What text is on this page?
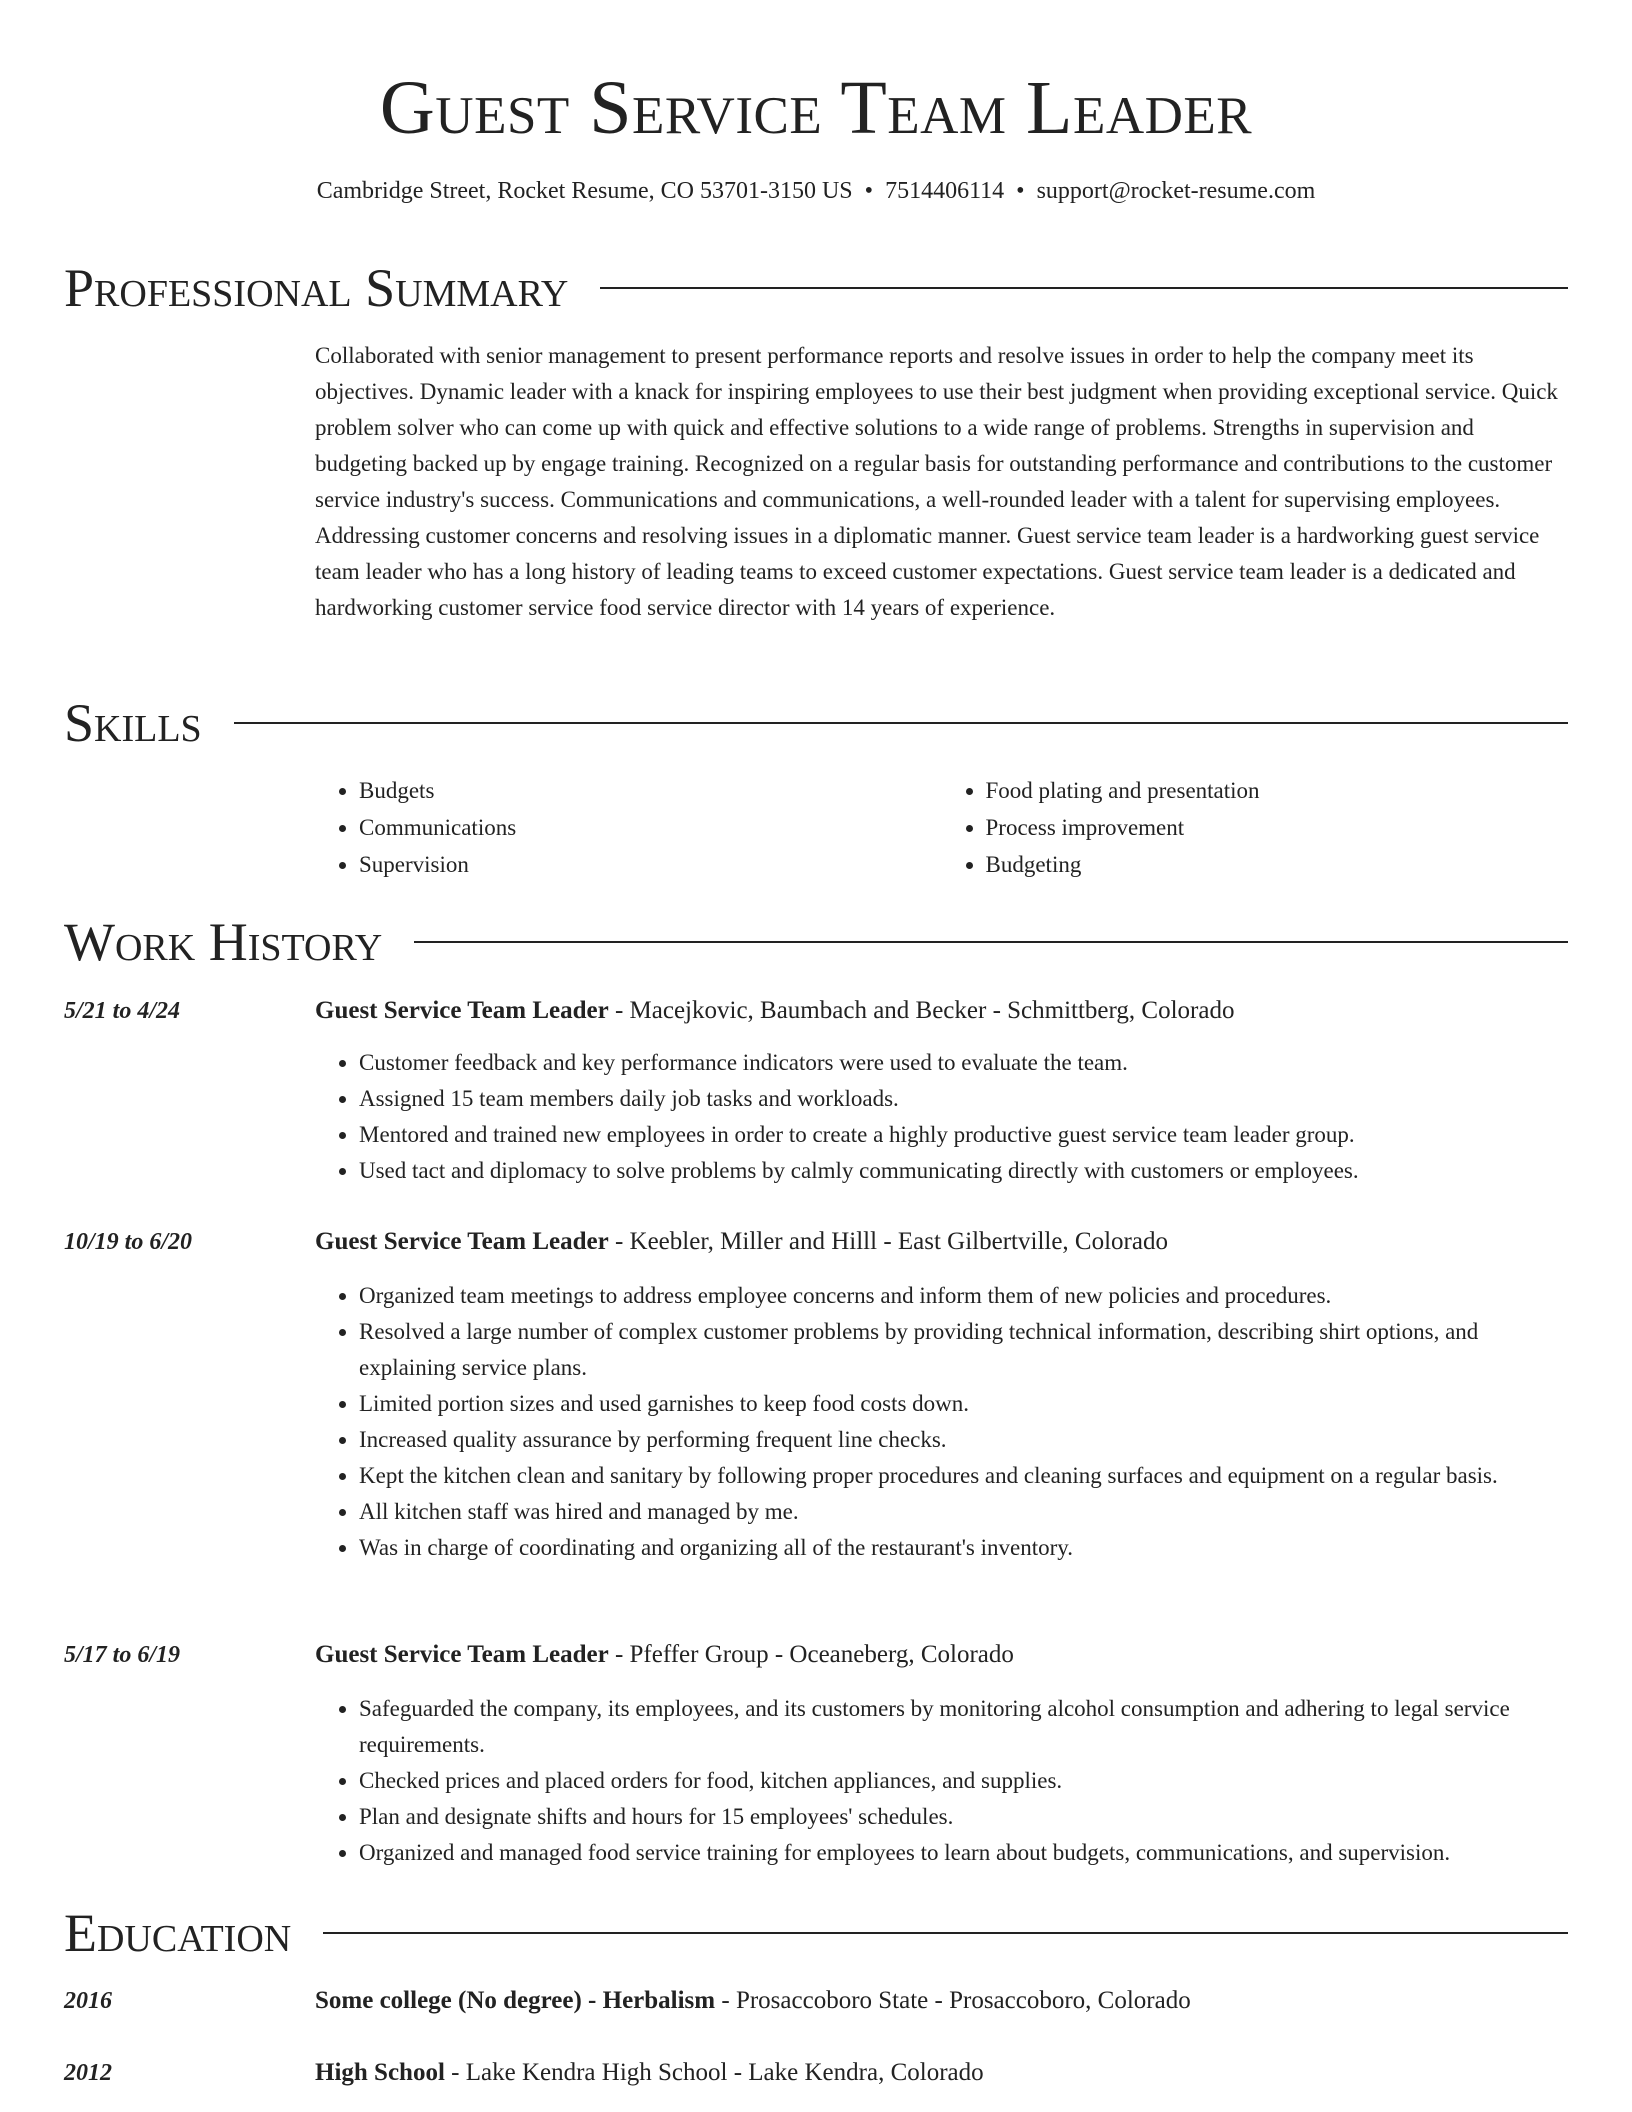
Guest Service Team Leader
Cambridge Street, Rocket Resume, CO 53701-3150 US • 7514406114 • support@rocket-resume.com
Professional Summary

Collaborated with senior management to present performance reports and resolve issues in order to help the company meet its objectives. Dynamic leader with a knack for inspiring employees to use their best judgment when providing exceptional service. Quick problem solver who can come up with quick and effective solutions to a wide range of problems. Strengths in supervision and budgeting backed up by engage training. Recognized on a regular basis for outstanding performance and contributions to the customer service industry's success. Communications and communications, a well-rounded leader with a talent for supervising employees. Addressing customer concerns and resolving issues in a diplomatic manner. Guest service team leader is a hardworking guest service team leader who has a long history of leading teams to exceed customer expectations. Guest service team leader is a dedicated and hardworking customer service food service director with 14 years of experience.

Skills
• Budgets
• Communications
• Supervision
• Food plating and presentation
• Process improvement
• Budgeting
Work History
5/21 to 4/24	Guest Service Team Leader - Macejkovic, Baumbach and Becker - Schmittberg, Colorado
• Customer feedback and key performance indicators were used to evaluate the team.
• Assigned 15 team members daily job tasks and workloads.
• Mentored and trained new employees in order to create a highly productive guest service team leader group.
• Used tact and diplomacy to solve problems by calmly communicating directly with customers or employees.
10/19 to 6/20	Guest Service Team Leader - Keebler, Miller and Hilll - East Gilbertville, Colorado
• Organized team meetings to address employee concerns and inform them of new policies and procedures.
• Resolved a large number of complex customer problems by providing technical information, describing shirt options, and explaining service plans.
• Limited portion sizes and used garnishes to keep food costs down.
• Increased quality assurance by performing frequent line checks.
• Kept the kitchen clean and sanitary by following proper procedures and cleaning surfaces and equipment on a regular basis.
• All kitchen staff was hired and managed by me.
• Was in charge of coordinating and organizing all of the restaurant's inventory.
5/17 to 6/19	Guest Service Team Leader - Pfeffer Group - Oceaneberg, Colorado
• Safeguarded the company, its employees, and its customers by monitoring alcohol consumption and adhering to legal service requirements.
• Checked prices and placed orders for food, kitchen appliances, and supplies.
• Plan and designate shifts and hours for 15 employees' schedules.
• Organized and managed food service training for employees to learn about budgets, communications, and supervision.
Education
2016	Some college (No degree) - Herbalism - Prosaccoboro State - Prosaccoboro, Colorado
2012	High School - Lake Kendra High School - Lake Kendra, Colorado
